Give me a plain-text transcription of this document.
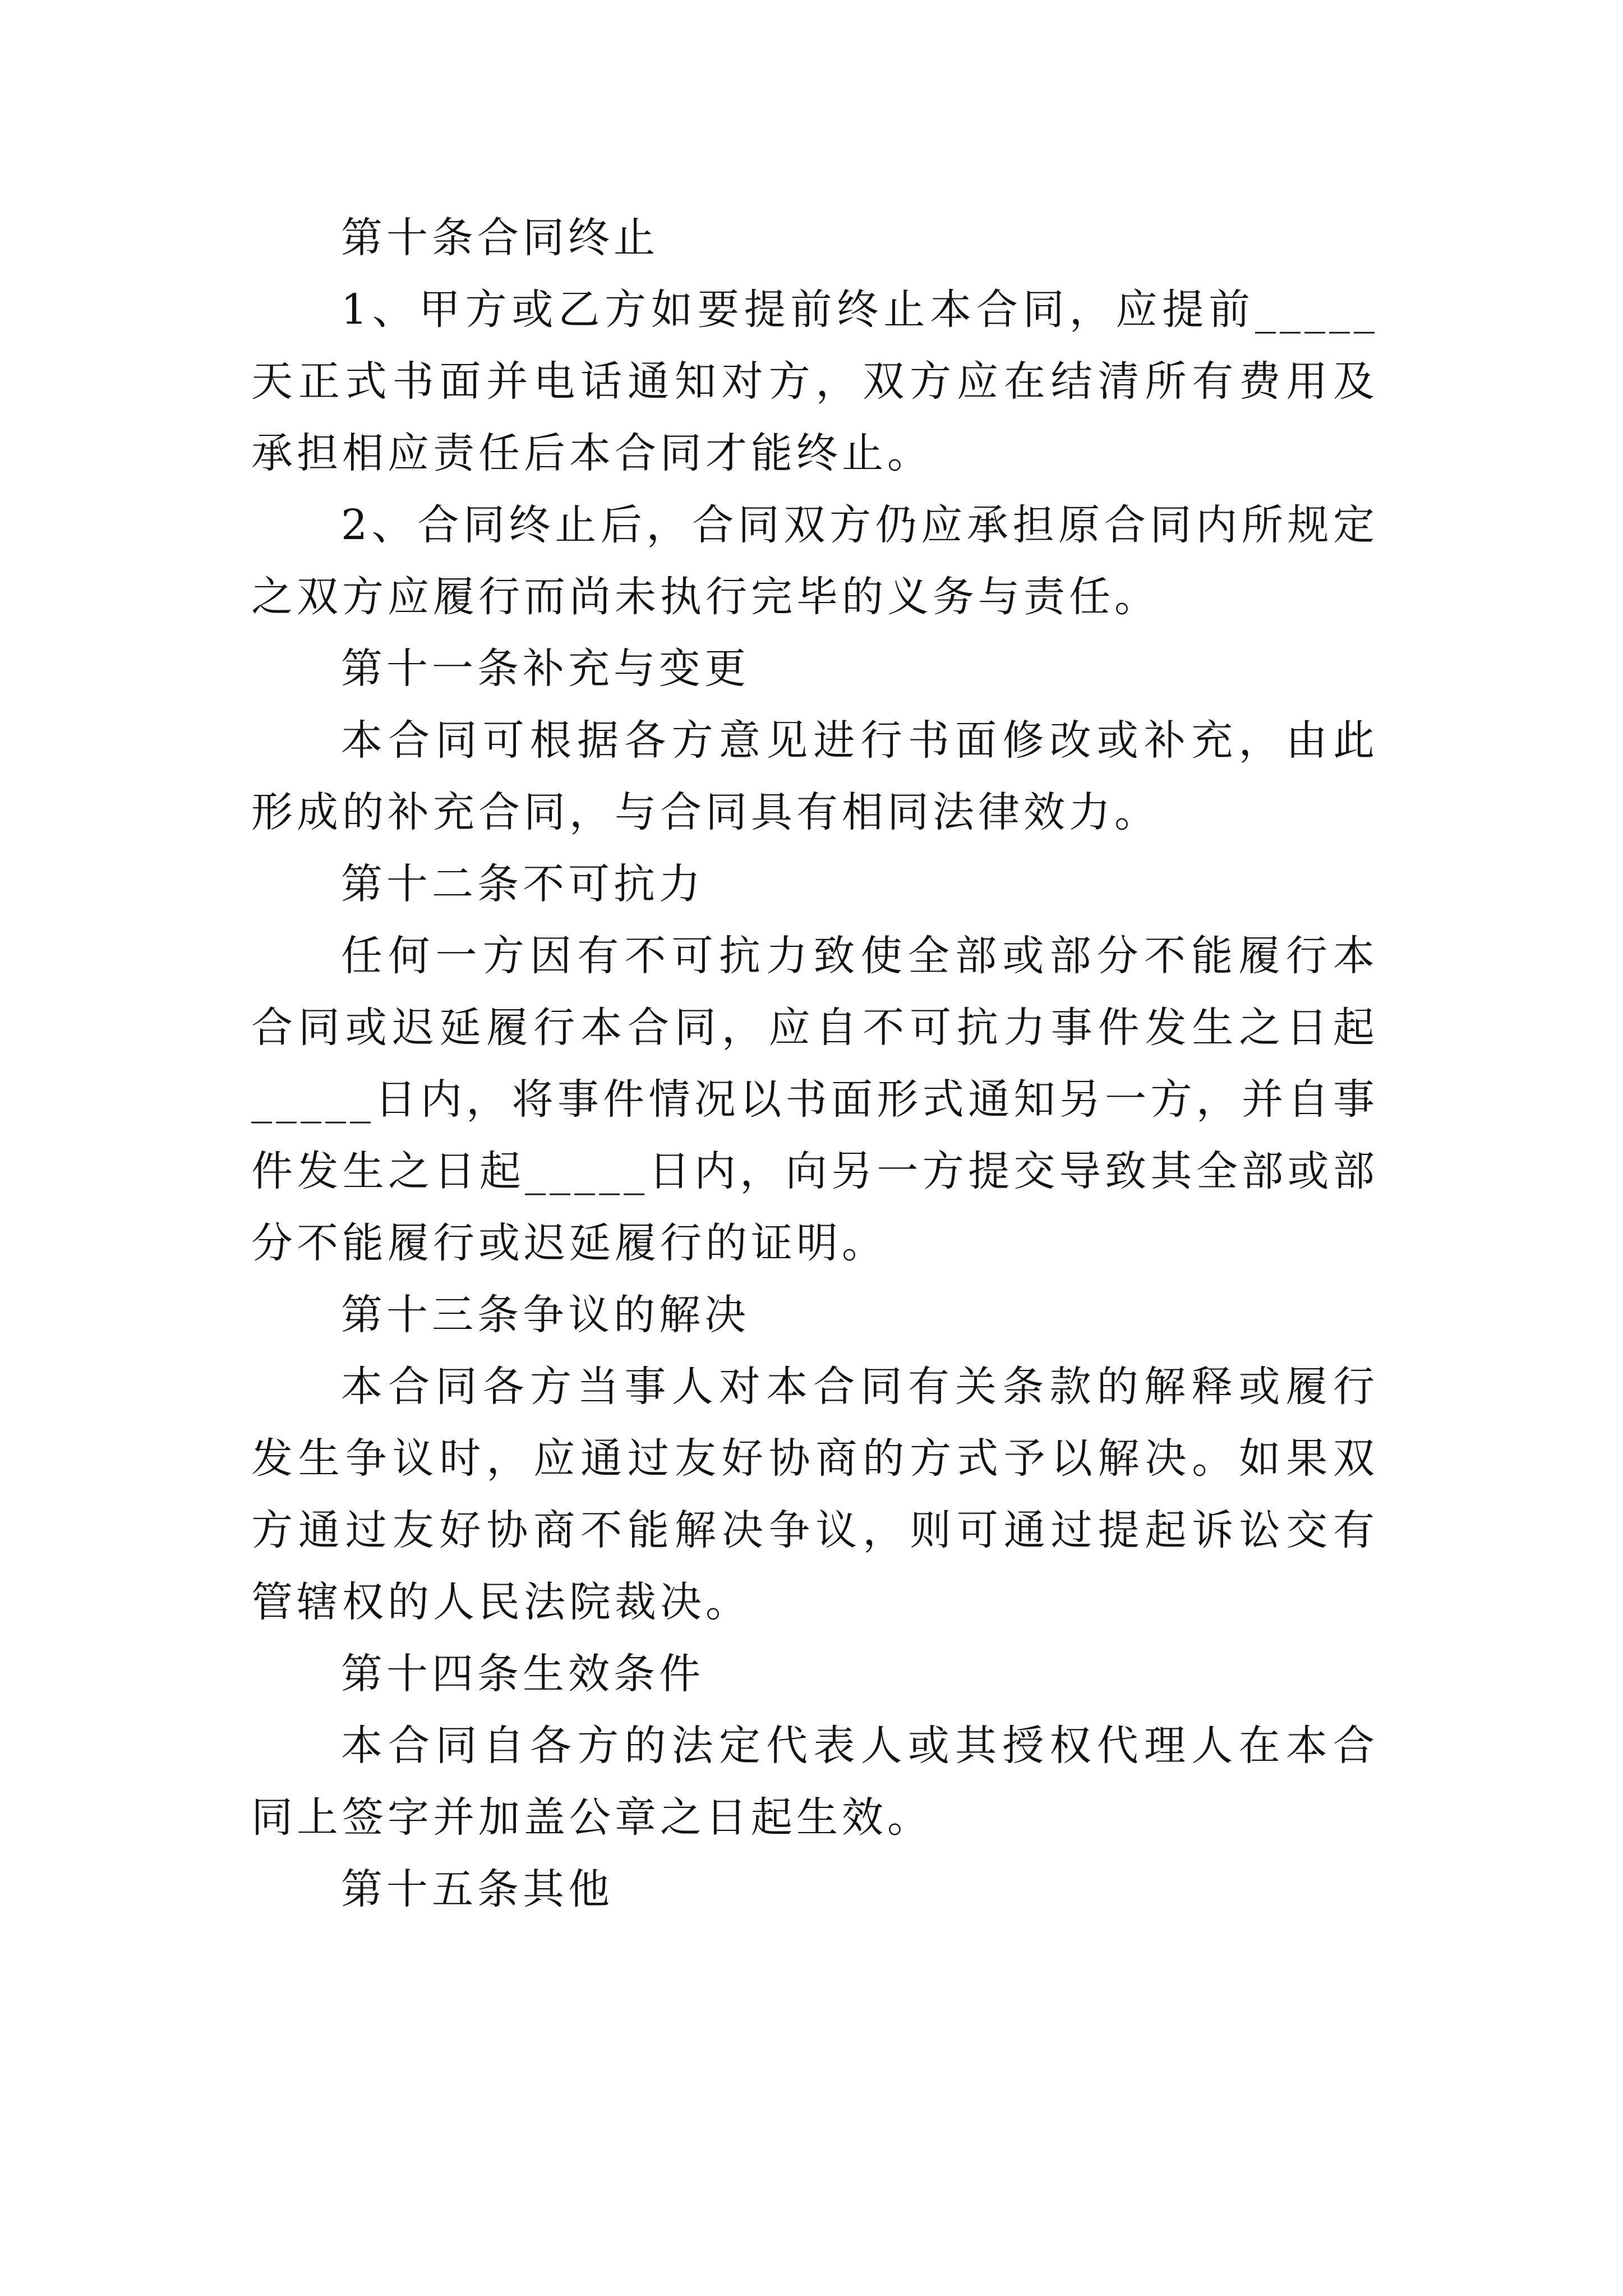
第十条合同终止

1、甲方或乙方如要提前终止本合同，应提前_____天正式书面并电话通知对方，双方应在结清所有费用及承担相应责任后本合同才能终止。

2、合同终止后，合同双方仍应承担原合同内所规定之双方应履行而尚未执行完毕的义务与责任。

第十一条补充与变更

本合同可根据各方意见进行书面修改或补充，由此形成的补充合同，与合同具有相同法律效力。

第十二条不可抗力

任何一方因有不可抗力致使全部或部分不能履行本合同或迟延履行本合同，应自不可抗力事件发生之日起_____日内，将事件情况以书面形式通知另一方，并自事件发生之日起_____日内，向另一方提交导致其全部或部分不能履行或迟延履行的证明。

第十三条争议的解决

本合同各方当事人对本合同有关条款的解释或履行发生争议时，应通过友好协商的方式予以解决。如果双方通过友好协商不能解决争议，则可通过提起诉讼交有管辖权的人民法院裁决。

第十四条生效条件

本合同自各方的法定代表人或其授权代理人在本合同上签字并加盖公章之日起生效。

第十五条其他
